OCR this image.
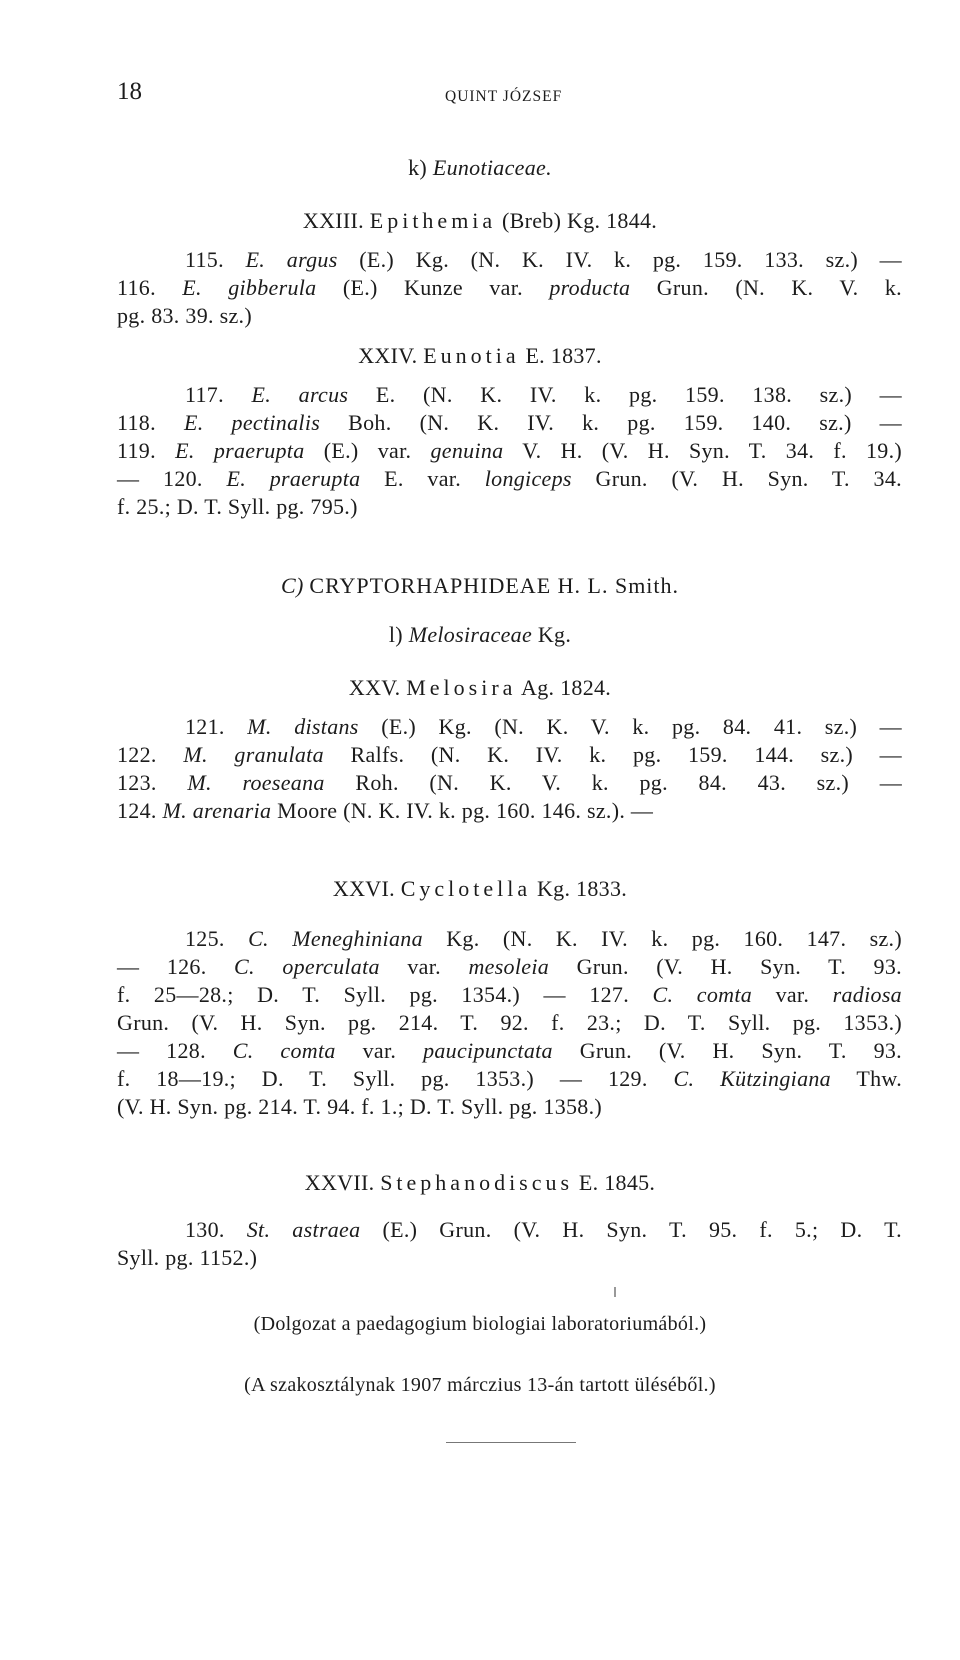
18	QUINT JÓZSEF
k) Eunotiaceae.
XXIII. Epithemia (Breb) Kg. 1844.
115. E. argus (E.) Kg. (N. K. IV. k. pg. 159. 133. sz.) —
116. E. gibberula (E.) Kunze var. producta Grun. (N. K. V. k.
pg. 83. 39. sz.)
XXIV. Eunotia E. 1837.
117. E. arcus E. (N. K. IV. k. pg. 159. 138. sz.) —
118. E. pectinalis Boh. (N. K. IV. k. pg. 159. 140. sz.) —
119. E. praerupta (E.) var. genuina V. H. (V. H. Syn. T. 34. f. 19.)
— 120. E. praerupta E. var. longiceps Grun. (V. H. Syn. T. 34.
f. 25.; D. T. Syll. pg. 795.)
C) CRYPTORHAPHIDEAE H. L. Smith.
l) Melosiraceae Kg.
XXV. Melosira Ag. 1824.
121. M. distans (E.) Kg. (N. K. V. k. pg. 84. 41. sz.) —
122. M. granulata Ralfs. (N. K. IV. k. pg. 159. 144. sz.) —
123. M. roeseana Roh. (N. K. V. k. pg. 84. 43. sz.) —
124. M. arenaria Moore (N. K. IV. k. pg. 160. 146. sz.). —
XXVI. Cyclotella Kg. 1833.
125. C. Meneghiniana Kg. (N. K. IV. k. pg. 160. 147. sz.)
— 126. C. operculata var. mesoleia Grun. (V. H. Syn. T. 93.
f. 25—28.; D. T. Syll. pg. 1354.) — 127. C. comta var. radiosa
Grun. (V. H. Syn. pg. 214. T. 92. f. 23.; D. T. Syll. pg. 1353.)
— 128. C. comta var. paucipunctata Grun. (V. H. Syn. T. 93.
f. 18—19.; D. T. Syll. pg. 1353.) — 129. C. Kützingiana Thw.
(V. H. Syn. pg. 214. T. 94. f. 1.; D. T. Syll. pg. 1358.)
XXVII. Stephanodiscus E. 1845.
130. St. astraea (E.) Grun. (V. H. Syn. T. 95. f. 5.; D. T.
Syll. pg. 1152.)
(Dolgozat a paedagogium biologiai laboratoriumából.)
(A szakosztálynak 1907 márczius 13-án tartott üléséből.)
